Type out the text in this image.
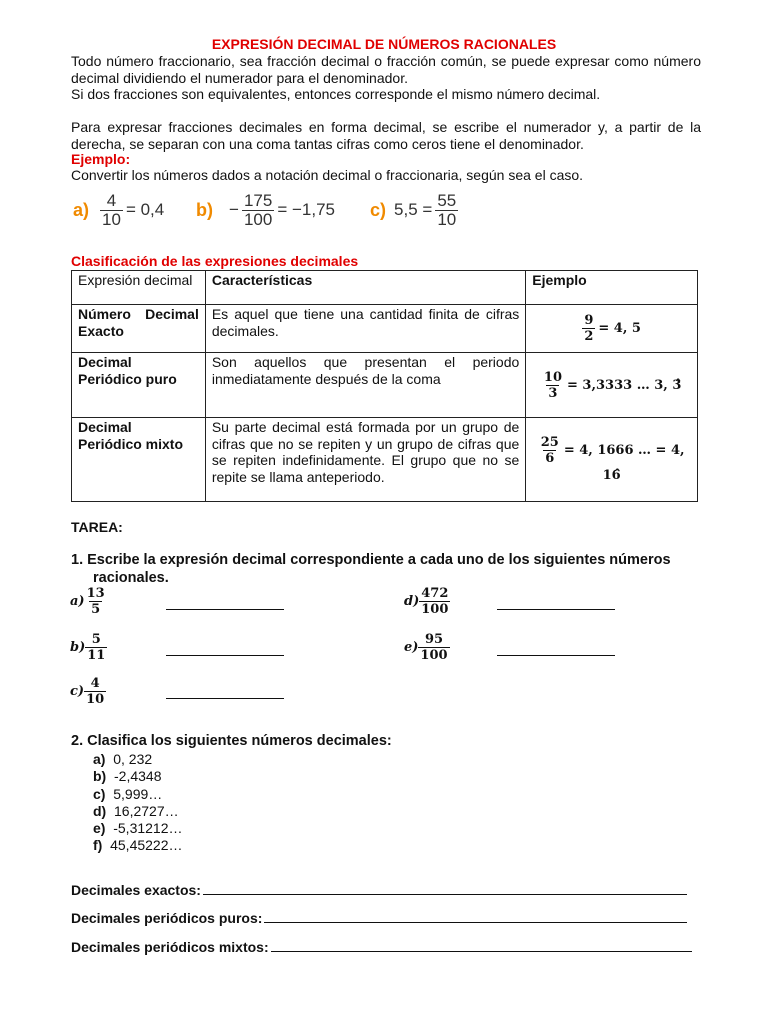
EXPRESIÓN DECIMAL DE NÚMEROS RACIONALES
Todo número fraccionario, sea fracción decimal o fracción común, se puede expresar como número decimal dividiendo el numerador para el denominador.
Si dos fracciones son equivalentes, entonces corresponde el mismo número decimal.
Para expresar fracciones decimales en forma decimal, se escribe el numerador y, a partir de la derecha, se separan con una coma tantas cifras como ceros tiene el denominador.
Ejemplo:
Convertir los números dados a notación decimal o fraccionaria, según sea el caso.
$a) \frac{4}{10} = 0,4$ $b) - \frac{175}{100} = -1,75$ c) $5,5 = \frac{55}{10}$
Clasificación de las expresiones decimales
Expresión decimal	Características	Ejemplo
Número Decimal Exacto	Es aquel que tiene una cantidad finita de cifras decimales.	$\frac{9}{2} = 4$, 5
Decimal Periódico puro	Son aquellos que presentan el periodo inmediatamente después de la coma	$\frac{10}{3} = 3,3333$ … 3, 3̂
Decimal Periódico mixto	Su parte decimal está formada por un grupo de cifras que no se repiten y un grupo de cifras que se repiten indefinidamente. El grupo que no se repite se llama anteperiodo.	$\frac{25}{6} = 4$, 1666 … = 4, 16̂
TAREA:
1. Escribe la expresión decimal correspondiente a cada uno de los siguientes números racionales.
$a) \frac{13}{5}$
$b) \frac{5}{11}$
$c) \frac{4}{10}$
$d) \frac{472}{100}$
$e) \frac{95}{100}$
2. Clasifica los siguientes números decimales:
a) 0, 232
b) -2,4348
c) 5,999…
d) 16,2727…
e) -5,31212…
f) 45,45222…
Decimales exactos:
Decimales periódicos puros:
Decimales periódicos mixtos:
